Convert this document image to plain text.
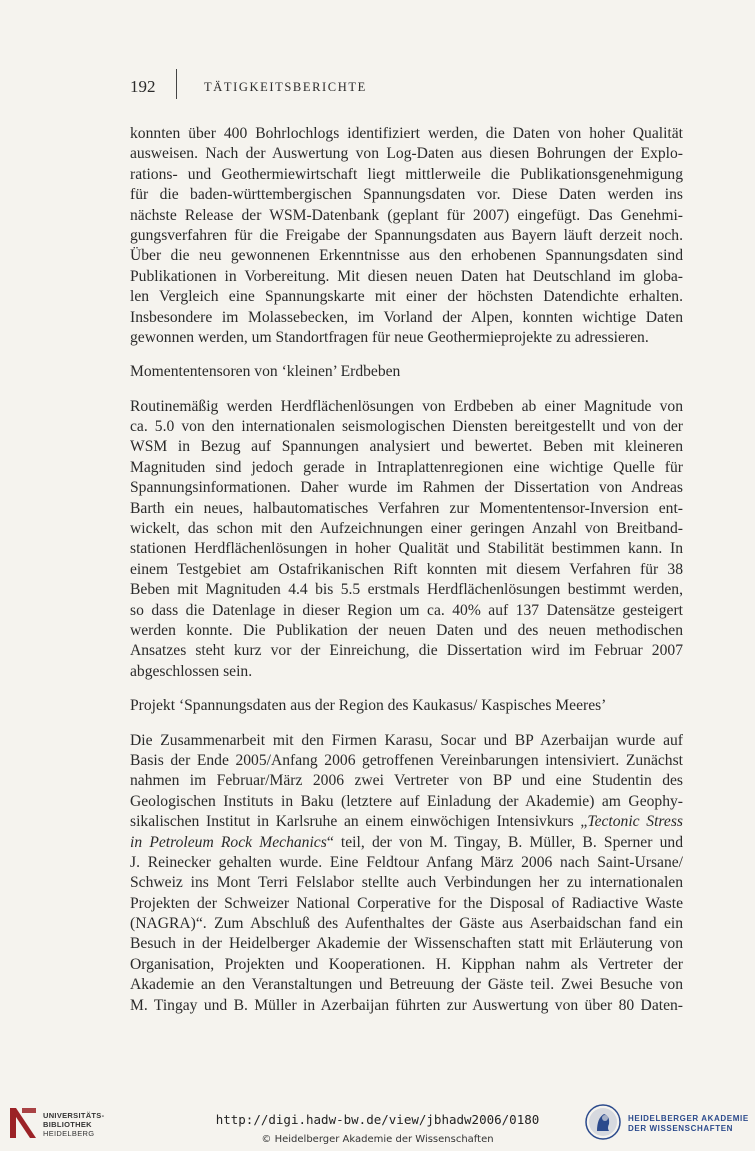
192	TÄTIGKEITSBERICHTE
konnten über 400 Bohrlochlogs identifiziert werden, die Daten von hoher Qualität
ausweisen. Nach der Auswertung von Log-Daten aus diesen Bohrungen der Explo-
rations- und Geothermiewirtschaft liegt mittlerweile die Publikationsgenehmigung
für die baden-württembergischen Spannungsdaten vor. Diese Daten werden ins
nächste Release der WSM-Datenbank (geplant für 2007) eingefügt. Das Genehmi-
gungsverfahren für die Freigabe der Spannungsdaten aus Bayern läuft derzeit noch.
Über die neu gewonnenen Erkenntnisse aus den erhobenen Spannungsdaten sind
Publikationen in Vorbereitung. Mit diesen neuen Daten hat Deutschland im globa-
len Vergleich eine Spannungskarte mit einer der höchsten Datendichte erhalten.
Insbesondere im Molassebecken, im Vorland der Alpen, konnten wichtige Daten
gewonnen werden, um Standortfragen für neue Geothermieprojekte zu adressieren.
Momententensoren von ‘kleinen’ Erdbeben
Routinemäßig werden Herdflächenlösungen von Erdbeben ab einer Magnitude von
ca. 5.0 von den internationalen seismologischen Diensten bereitgestellt und von der
WSM in Bezug auf Spannungen analysiert und bewertet. Beben mit kleineren
Magnituden sind jedoch gerade in Intraplattenregionen eine wichtige Quelle für
Spannungsinformationen. Daher wurde im Rahmen der Dissertation von Andreas
Barth ein neues, halbautomatisches Verfahren zur Momententensor-Inversion ent-
wickelt, das schon mit den Aufzeichnungen einer geringen Anzahl von Breitband-
stationen Herdflächenlösungen in hoher Qualität und Stabilität bestimmen kann. In
einem Testgebiet am Ostafrikanischen Rift konnten mit diesem Verfahren für 38
Beben mit Magnituden 4.4 bis 5.5 erstmals Herdflächenlösungen bestimmt werden,
so dass die Datenlage in dieser Region um ca. 40% auf 137 Datensätze gesteigert
werden konnte. Die Publikation der neuen Daten und des neuen methodischen
Ansatzes steht kurz vor der Einreichung, die Dissertation wird im Februar 2007
abgeschlossen sein.
Projekt ‘Spannungsdaten aus der Region des Kaukasus/ Kaspisches Meeres’
Die Zusammenarbeit mit den Firmen Karasu, Socar und BP Azerbaijan wurde auf
Basis der Ende 2005/Anfang 2006 getroffenen Vereinbarungen intensiviert. Zunächst
nahmen im Februar/März 2006 zwei Vertreter von BP und eine Studentin des
Geologischen Instituts in Baku (letztere auf Einladung der Akademie) am Geophy-
sikalischen Institut in Karlsruhe an einem einwöchigen Intensivkurs „Tectonic Stress
in Petroleum Rock Mechanics“ teil, der von M. Tingay, B. Müller, B. Sperner und
J. Reinecker gehalten wurde. Eine Feldtour Anfang März 2006 nach Saint-Ursane/
Schweiz ins Mont Terri Felslabor stellte auch Verbindungen her zu internationalen
Projekten der Schweizer National Corperative for the Disposal of Radiactive Waste
(NAGRA)“. Zum Abschluß des Aufenthaltes der Gäste aus Aserbaidschan fand ein
Besuch in der Heidelberger Akademie der Wissenschaften statt mit Erläuterung von
Organisation, Projekten und Kooperationen. H. Kipphan nahm als Vertreter der
Akademie an den Veranstaltungen und Betreuung der Gäste teil. Zwei Besuche von
M. Tingay und B. Müller in Azerbaijan führten zur Auswertung von über 80 Daten-
UNIVERSITÄTS-
BIBLIOTHEK
HEIDELBERG
http://digi.hadw-bw.de/view/jbhadw2006/0180
© Heidelberger Akademie der Wissenschaften
HEIDELBERGER AKADEMIE
DER WISSENSCHAFTEN
